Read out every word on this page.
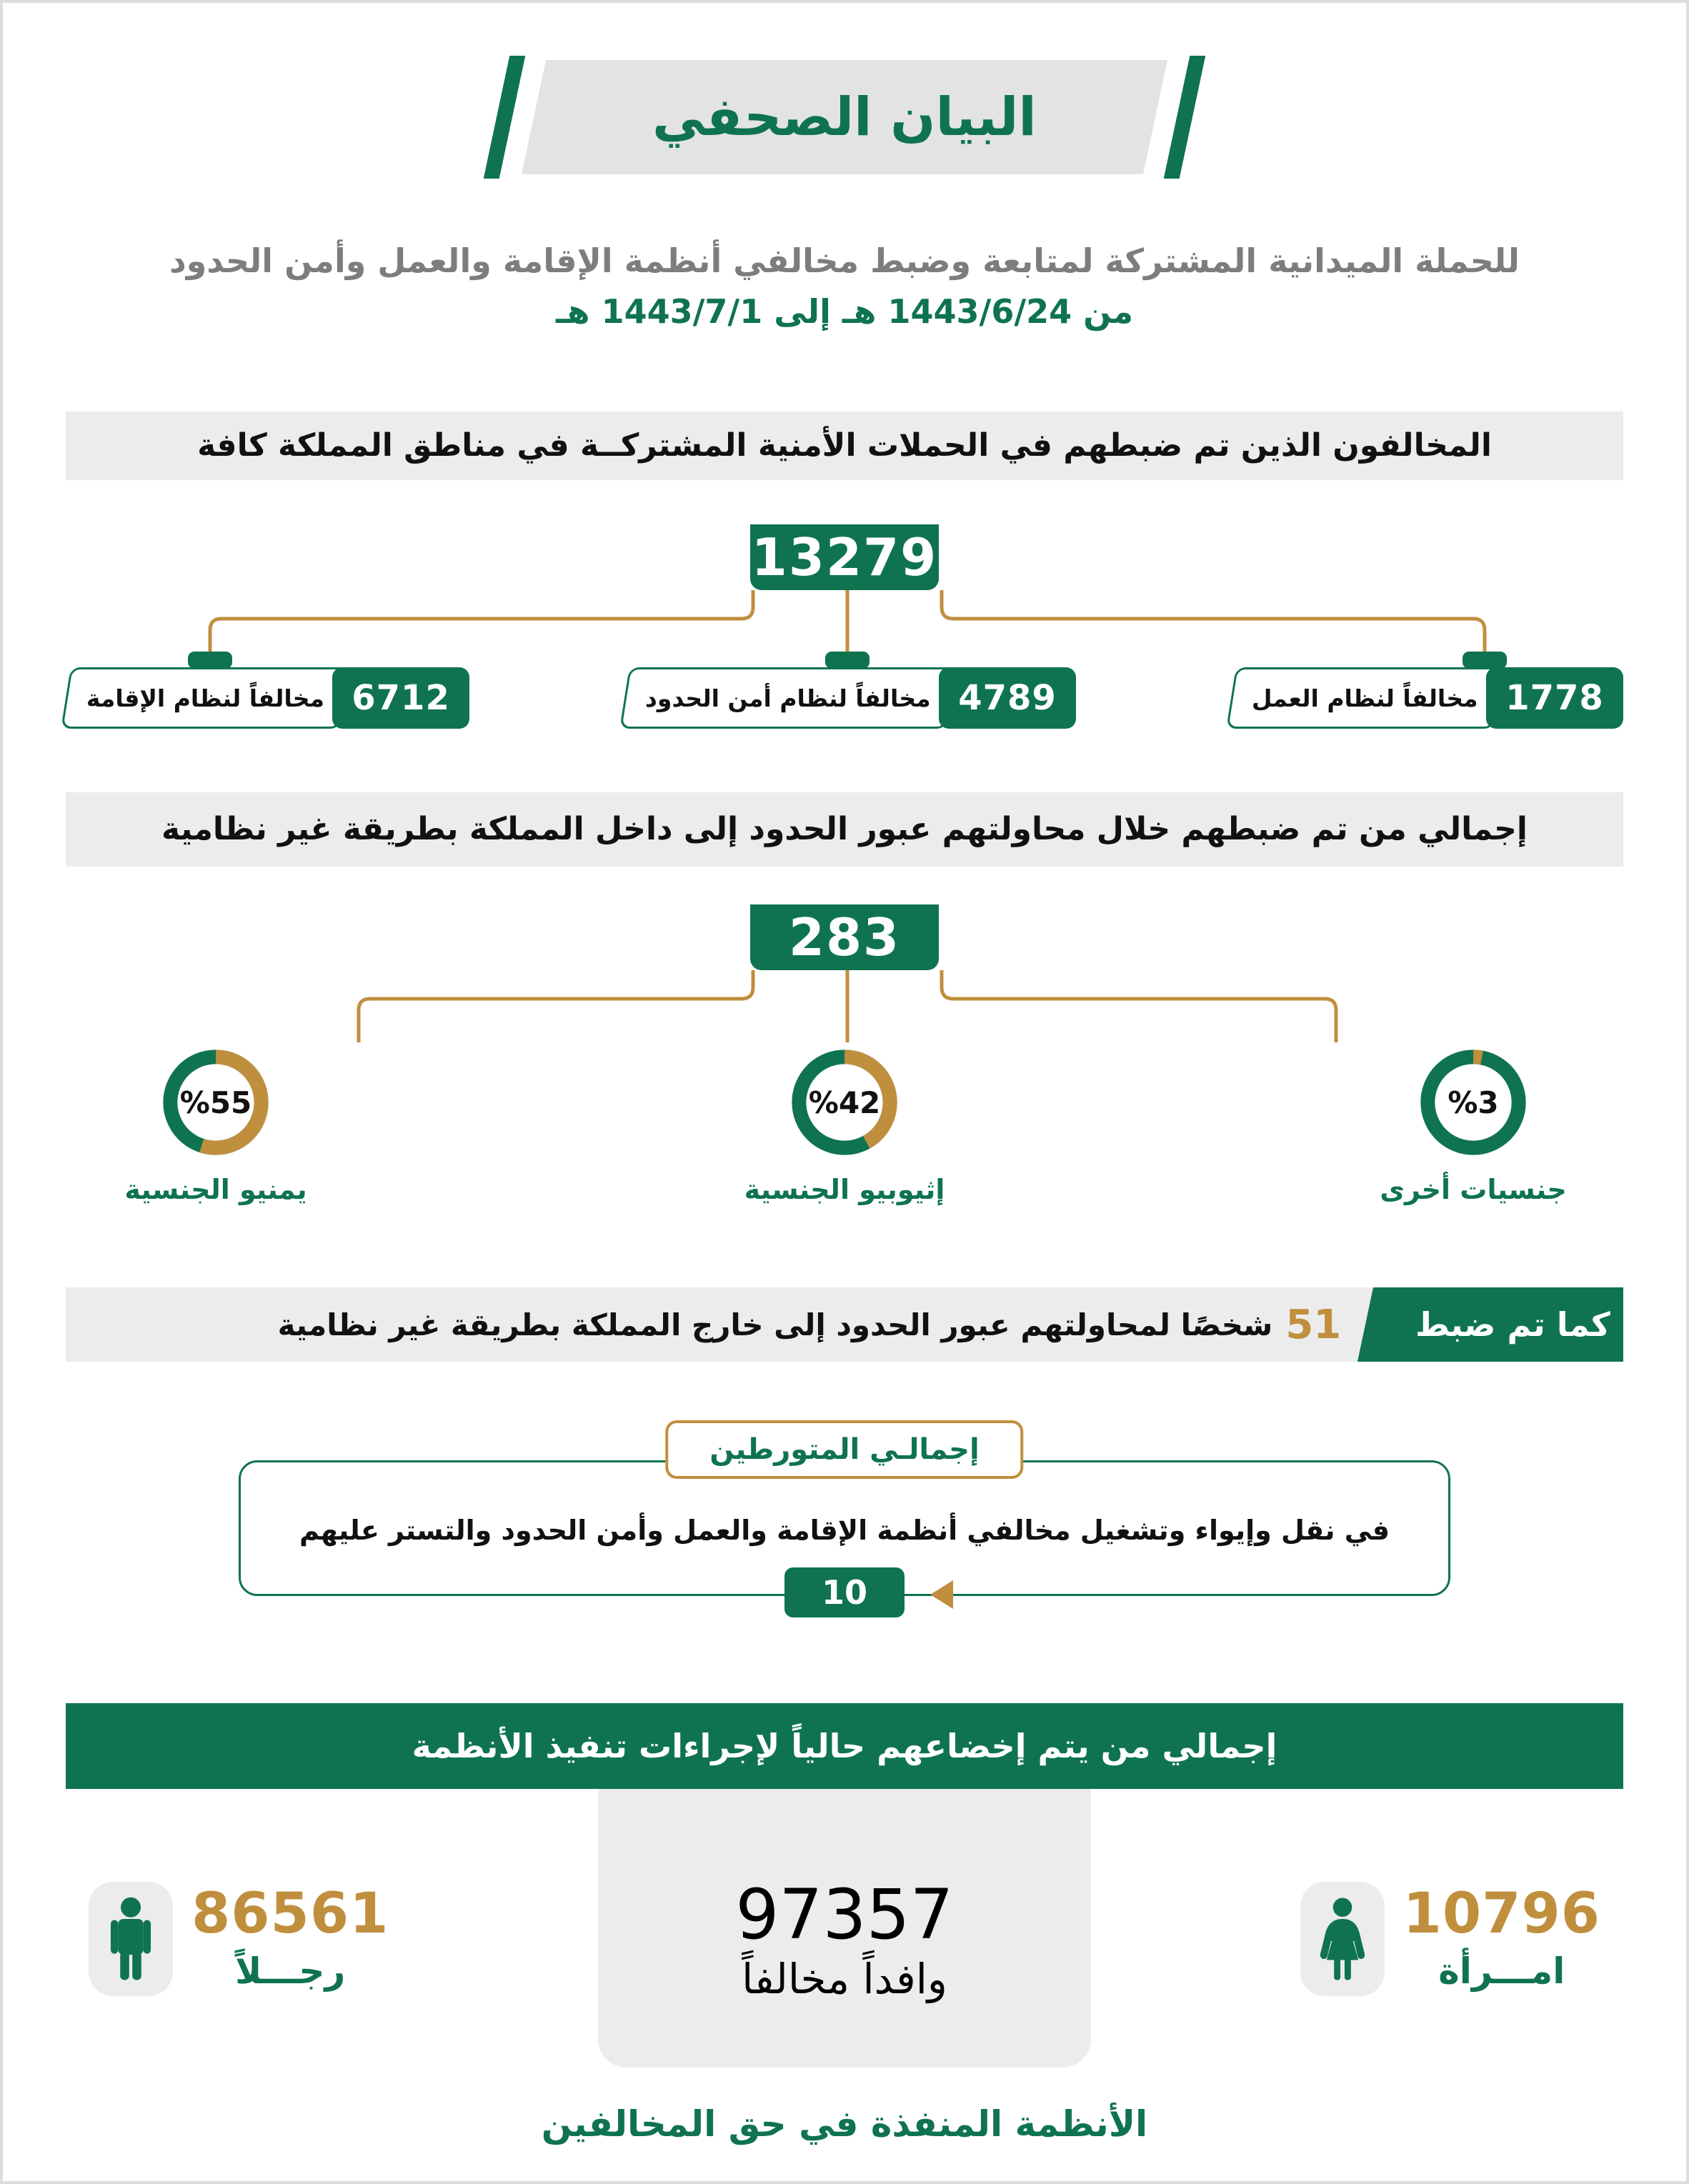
البيان الصحفي
للحملة الميدانية المشتركة لمتابعة وضبط مخالفي أنظمة الإقامة والعمل وأمن الحدود
من 1443/6/24 هـ إلى 1443/7/1 هـ
المخالفون الذين تم ضبطهم في الحملات الأمنية المشتركــة في مناطق المملكة كافة
13279
1778
مخالفاً لنظام العمل
4789
مخالفاً لنظام أمن الحدود
6712
مخالفاً لنظام الإقامة
إجمالي من تم ضبطهم خلال محاولتهم عبور الحدود إلى داخل المملكة بطريقة غير نظامية
283
%3
جنسيات أخرى
%42
إثيوبيو الجنسية
%55
يمنيو الجنسية
كما تم ضبط
51
شخصًا لمحاولتهم عبور الحدود إلى خارج المملكة بطريقة غير نظامية
في نقل وإيواء وتشغيل مخالفي أنظمة الإقامة والعمل وأمن الحدود والتستر عليهم
إجمالـي المتورطين
10
إجمالي من يتم إخضاعهم حالياً لإجراءات تنفيذ الأنظمة
10796
امـــرأة
97357
وافداً مخالفاً
86561
رجـــلاً
الأنظمة المنفذة في حق المخالفين
